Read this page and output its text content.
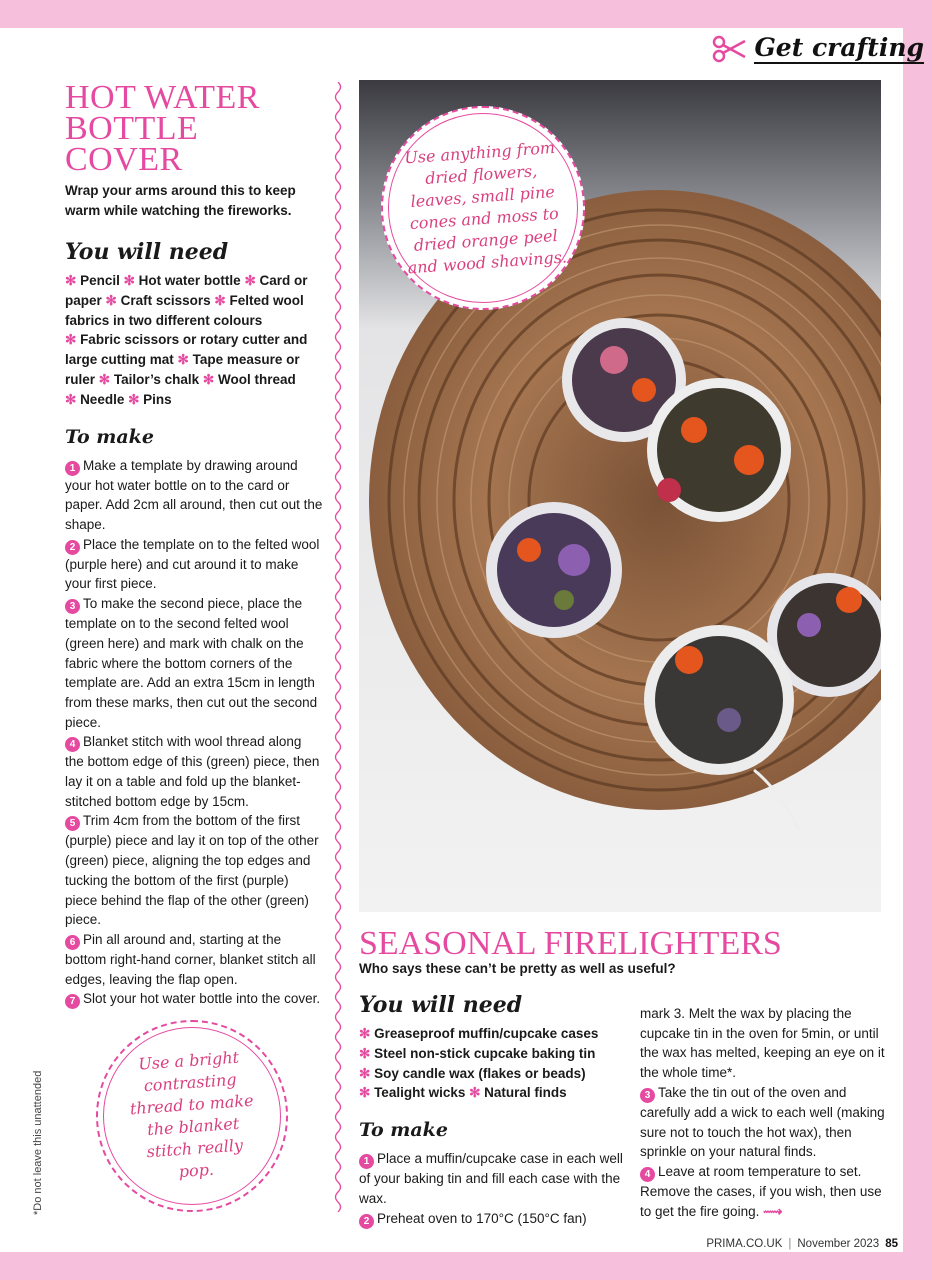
Get crafting
HOT WATER
BOTTLE COVER

Wrap your arms around this to keep warm while watching the fireworks.

You will need
✻ Pencil ✻ Hot water bottle ✻ Card or paper ✻ Craft scissors ✻ Felted wool fabrics in two different colours
✻ Fabric scissors or rotary cutter and large cutting mat ✻ Tape measure or ruler ✻ Tailor’s chalk ✻ Wool thread
✻ Needle ✻ Pins
To make

1 Make a template by drawing around your hot water bottle on to the card or paper. Add 2cm all around, then cut out the shape.

2 Place the template on to the felted wool (purple here) and cut around it to make your first piece.

3 To make the second piece, place the template on to the second felted wool (green here) and mark with chalk on the fabric where the bottom corners of the template are. Add an extra 15cm in length from these marks, then cut out the second piece.

4 Blanket stitch with wool thread along the bottom edge of this (green) piece, then lay it on a table and fold up the blanket-stitched bottom edge by 15cm.

5 Trim 4cm from the bottom of the first (purple) piece and lay it on top of the other (green) piece, aligning the top edges and tucking the bottom of the first (purple) piece behind the flap of the other (green) piece.

6 Pin all around and, starting at the bottom right-hand corner, blanket stitch all edges, leaving the flap open.

7 Slot your hot water bottle into the cover.

Use a bright contrasting thread to make the blanket stitch really pop.
*Do not leave this unattended
Use anything from dried flowers, leaves, small pine cones and moss to dried orange peel and wood shavings.
SEASONAL FIRELIGHTERS
Who says these can’t be pretty as well as useful?
You will need
✻ Greaseproof muffin/cupcake cases
✻ Steel non-stick cupcake baking tin
✻ Soy candle wax (flakes or beads)
✻ Tealight wicks ✻ Natural finds
To make

1 Place a muffin/cupcake case in each well of your baking tin and fill each case with the wax.

2 Preheat oven to 170°C (150°C fan)

mark 3. Melt the wax by placing the cupcake tin in the oven for 5min, or until the wax has melted, keeping an eye on it the whole time*.

3 Take the tin out of the oven and carefully add a wick to each well (making sure not to touch the hot wax), then sprinkle on your natural finds.

4 Leave at room temperature to set. Remove the cases, if you wish, then use to get the fire going. ⟿

PRIMA.CO.UK | November 2023 85
